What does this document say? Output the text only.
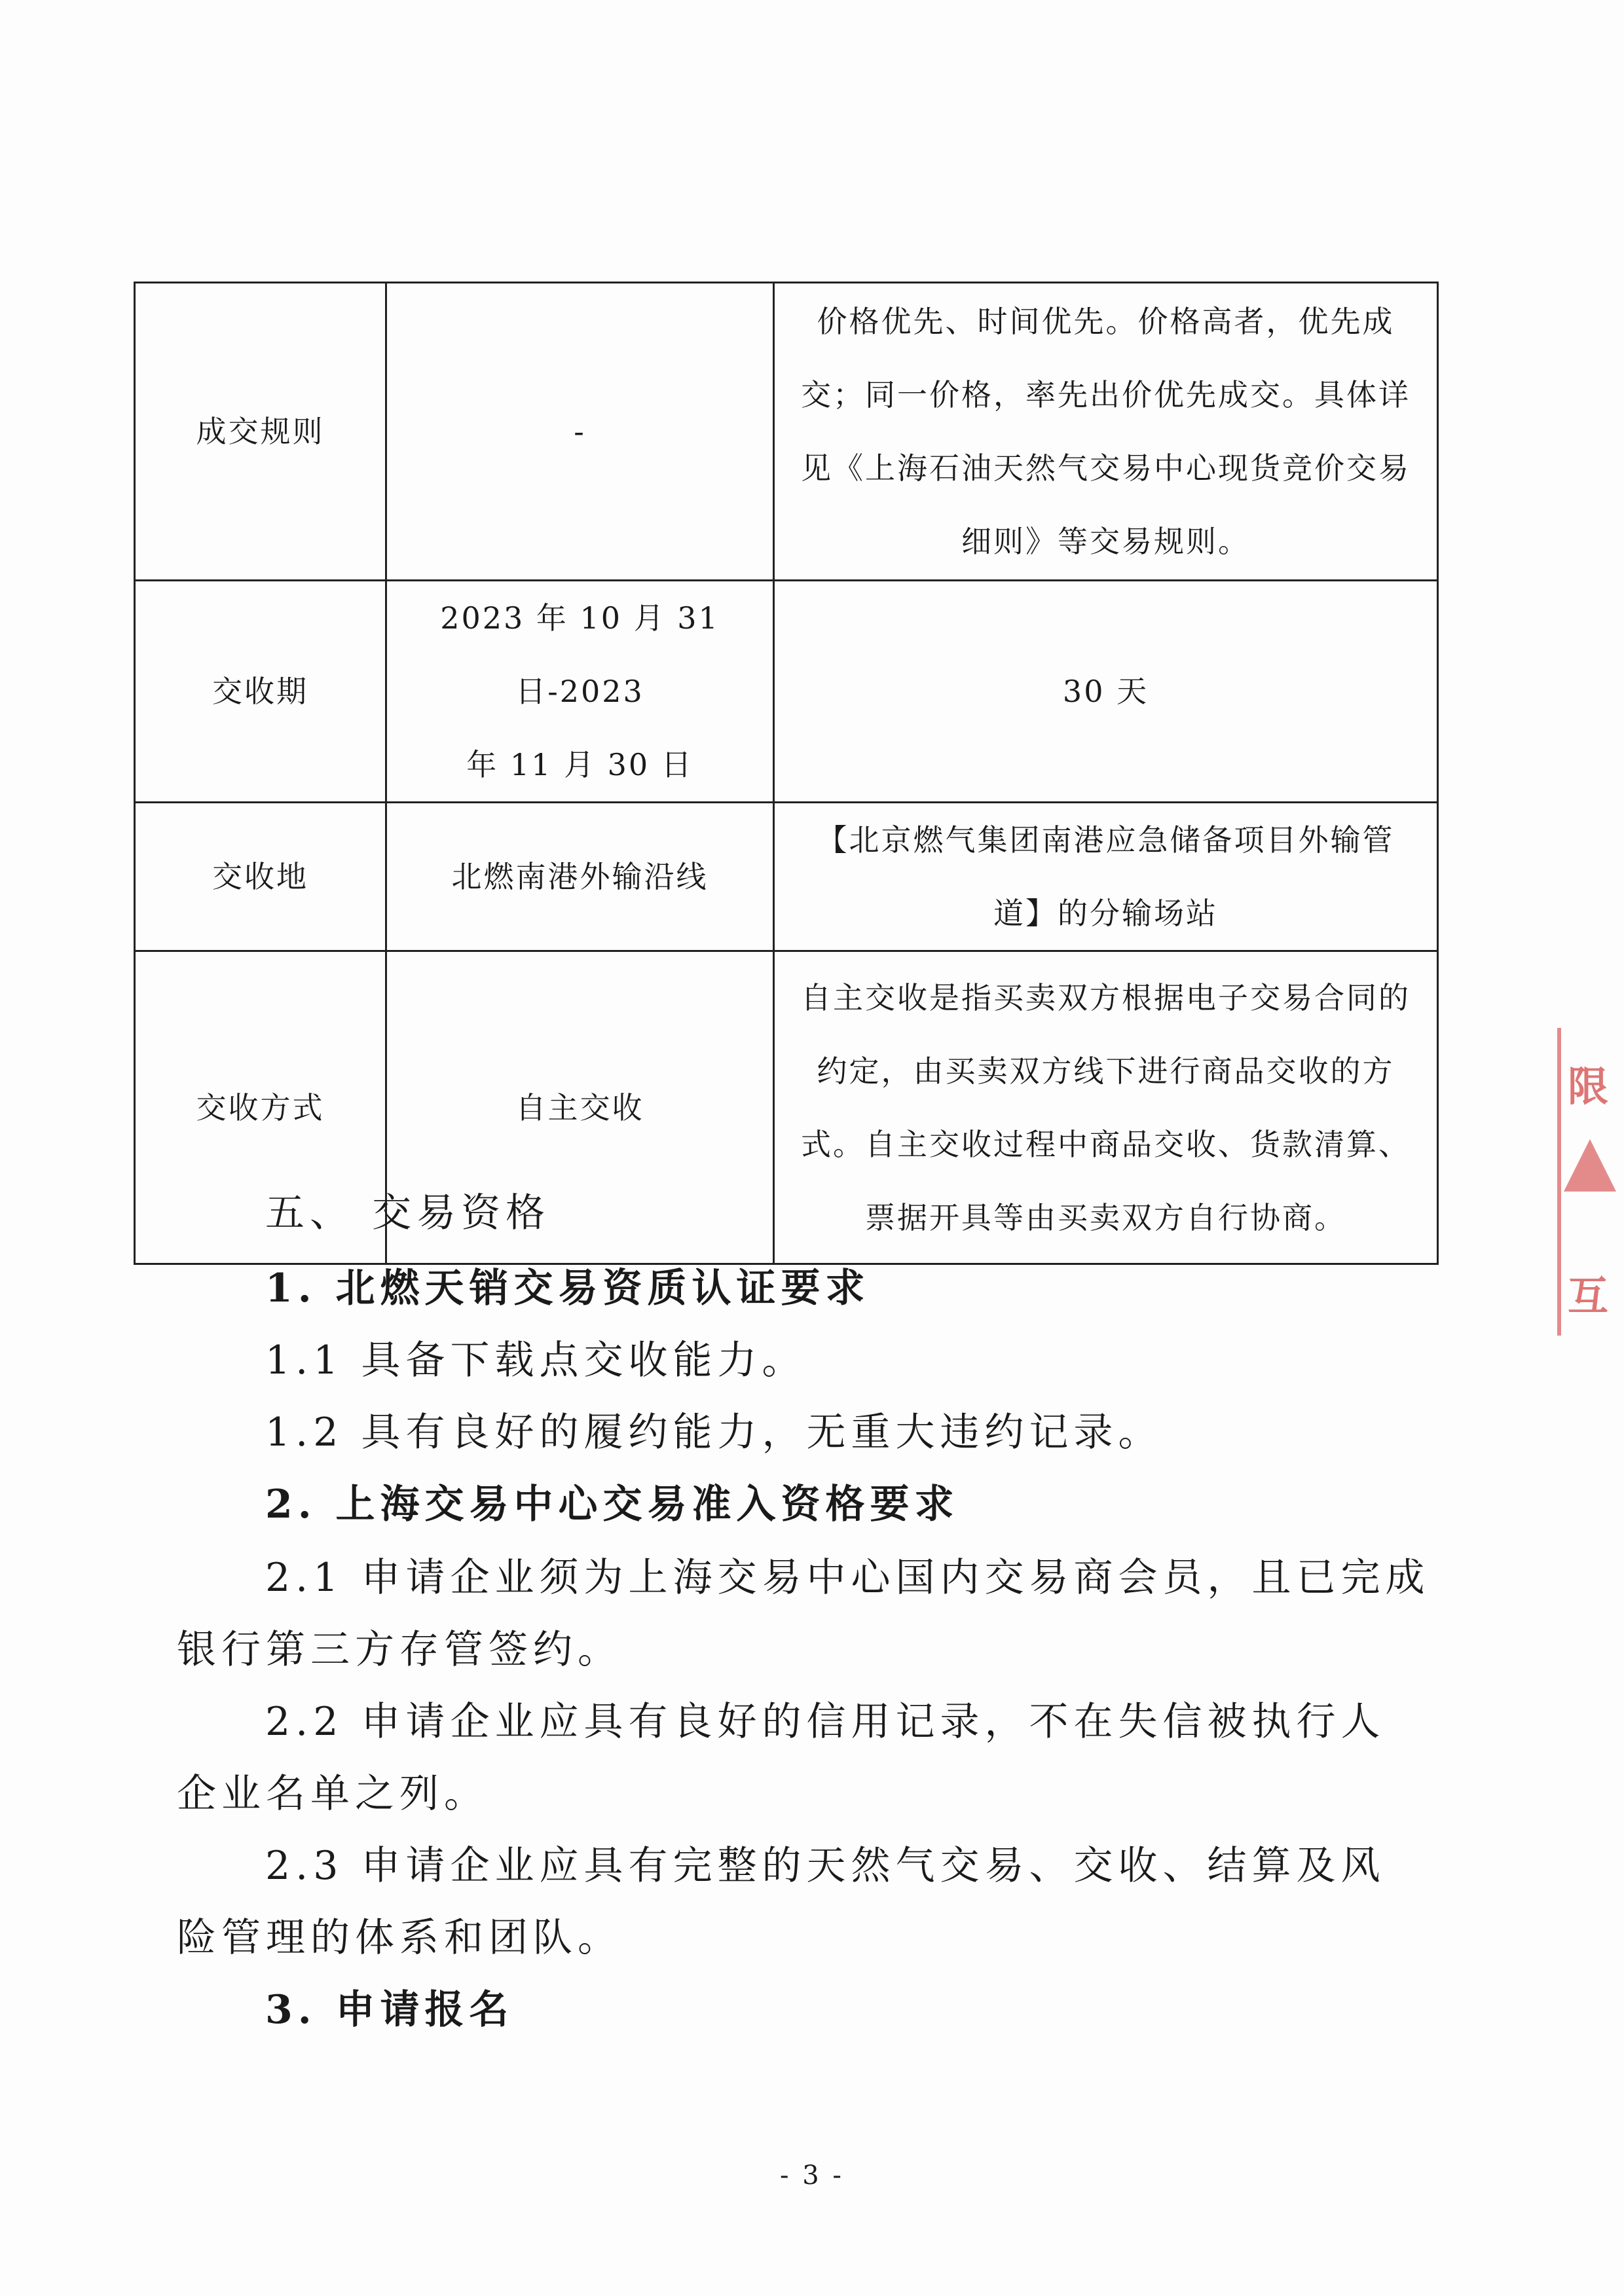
成交规则	-	价格优先、时间优先。价格高者，优先成
交；同一价格，率先出价优先成交。具体详
见《上海石油天然气交易中心现货竞价交易
细则》等交易规则。

交收期	2023 年 10 月 31 日-2023
年 11 月 30 日	30 天

交收地	北燃南港外输沿线	【北京燃气集团南港应急储备项目外输管
道】的分输场站

交收方式	自主交收	自主交收是指买卖双方根据电子交易合同的
约定，由买卖双方线下进行商品交收的方
式。自主交收过程中商品交收、货款清算、
票据开具等由买卖双方自行协商。
五、 交易资格
1. 北燃天销交易资质认证要求
1.1 具备下载点交收能力。
1.2 具有良好的履约能力，无重大违约记录。
2. 上海交易中心交易准入资格要求
2.1 申请企业须为上海交易中心国内交易商会员，且已完成
银行第三方存管签约。
2.2 申请企业应具有良好的信用记录，不在失信被执行人
企业名单之列。
2.3 申请企业应具有完整的天然气交易、交收、结算及风
险管理的体系和团队。
3. 申请报名
限
互
- 3 -
